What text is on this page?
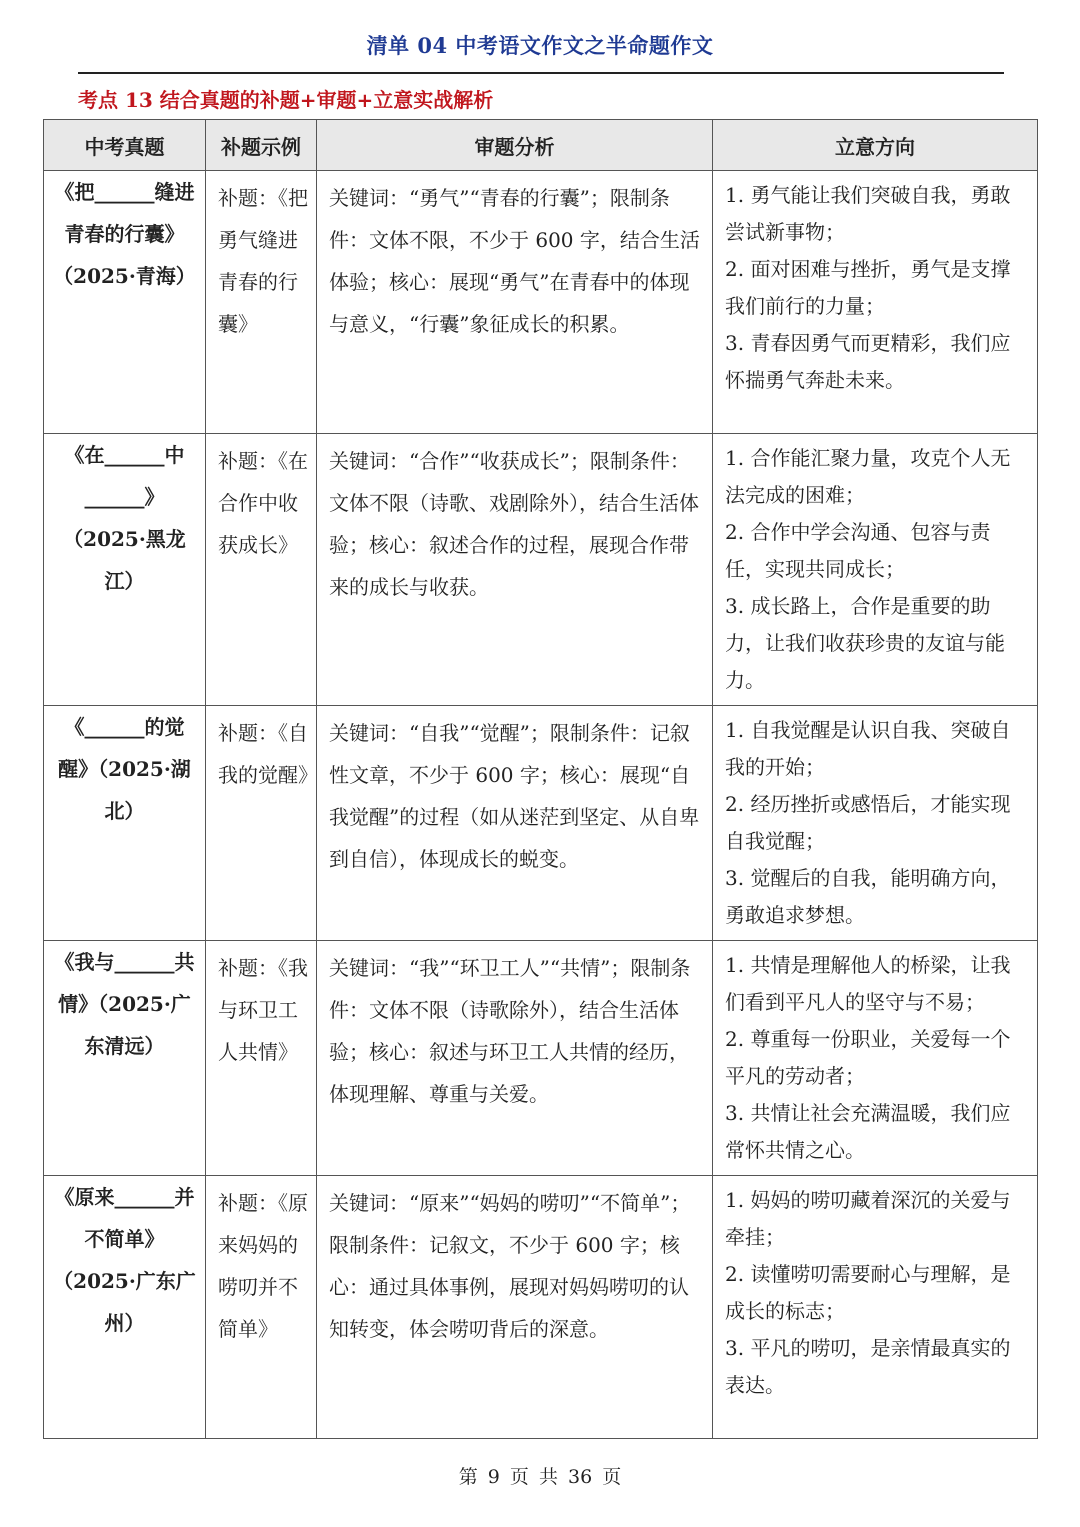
清单 04 中考语文作文之半命题作文
考点 13 结合真题的补题+审题+立意实战解析
中考真题	补题示例	审题分析	立意方向
《把______缝进青春的行囊》（2025·青海）	补题：《把勇气缝进青春的行囊》	关键词：“勇气”“青春的行囊”；限制条件：文体不限，不少于 600 字，结合生活体验；核心：展现“勇气”在青春中的体现与意义，“行囊”象征成长的积累。	1. 勇气能让我们突破自我，勇敢尝试新事物；
2. 面对困难与挫折，勇气是支撑我们前行的力量；
3. 青春因勇气而更精彩，我们应怀揣勇气奔赴未来。

《在______中______》（2025·黑龙江）	补题：《在合作中收获成长》	关键词：“合作”“收获成长”；限制条件：文体不限（诗歌、戏剧除外），结合生活体验；核心：叙述合作的过程，展现合作带来的成长与收获。	1. 合作能汇聚力量，攻克个人无法完成的困难；
2. 合作中学会沟通、包容与责任，实现共同成长；
3. 成长路上，合作是重要的助力，让我们收获珍贵的友谊与能力。

《______的觉醒》（2025·湖北）	补题：《自我的觉醒》	关键词：“自我”“觉醒”；限制条件：记叙性文章，不少于 600 字；核心：展现“自我觉醒”的过程（如从迷茫到坚定、从自卑到自信），体现成长的蜕变。	1. 自我觉醒是认识自我、突破自我的开始；
2. 经历挫折或感悟后，才能实现自我觉醒；
3. 觉醒后的自我，能明确方向，勇敢追求梦想。

《我与______共情》（2025·广东清远）	补题：《我与环卫工人共情》	关键词：“我”“环卫工人”“共情”；限制条件：文体不限（诗歌除外），结合生活体验；核心：叙述与环卫工人共情的经历，体现理解、尊重与关爱。	1. 共情是理解他人的桥梁，让我们看到平凡人的坚守与不易；
2. 尊重每一份职业，关爱每一个平凡的劳动者；
3. 共情让社会充满温暖，我们应常怀共情之心。

《原来______并不简单》（2025·广东广州）	补题：《原来妈妈的唠叨并不简单》	关键词：“原来”“妈妈的唠叨”“不简单”；限制条件：记叙文，不少于 600 字；核心：通过具体事例，展现对妈妈唠叨的认知转变，体会唠叨背后的深意。	1. 妈妈的唠叨藏着深沉的关爱与牵挂；
2. 读懂唠叨需要耐心与理解，是成长的标志；
3. 平凡的唠叨，是亲情最真实的表达。
第 9 页 共 36 页
